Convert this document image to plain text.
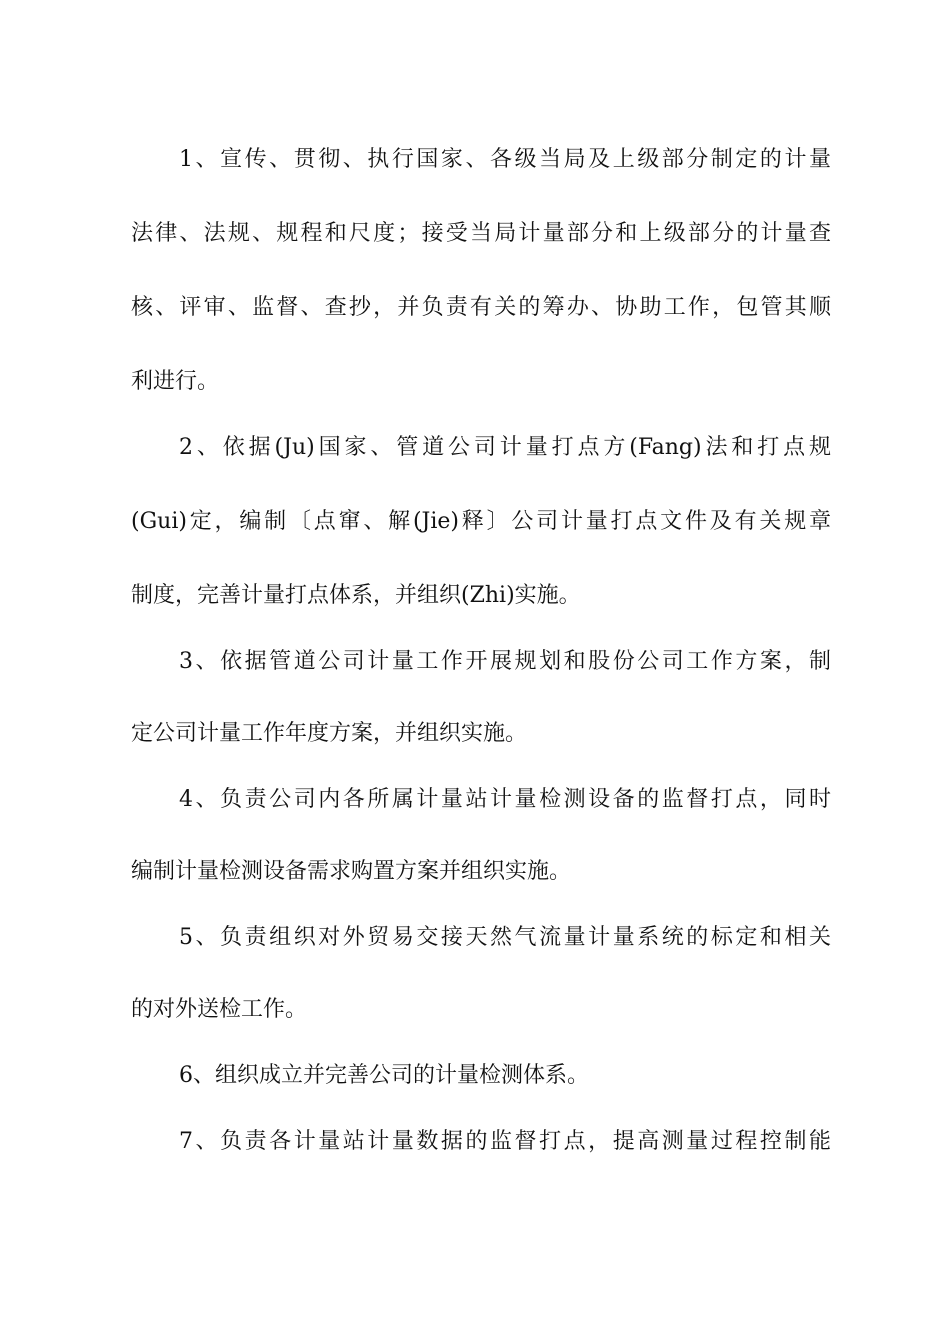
1、宣传、贯彻、执行国家、各级当局及上级部分制定的计量
法律、法规、规程和尺度；接受当局计量部分和上级部分的计量查
核、评审、监督、查抄，并负责有关的筹办、协助工作，包管其顺
利进行。
2、依据(Ju)国家、管道公司计量打点方(Fang)法和打点规
(Gui)定，编制〔点窜、解(Jie)释〕公司计量打点文件及有关规章
制度，完善计量打点体系，并组织(Zhi)实施。
3、依据管道公司计量工作开展规划和股份公司工作方案，制
定公司计量工作年度方案，并组织实施。
4、负责公司内各所属计量站计量检测设备的监督打点，同时
编制计量检测设备需求购置方案并组织实施。
5、负责组织对外贸易交接天然气流量计量系统的标定和相关
的对外送检工作。
6、组织成立并完善公司的计量检测体系。
7、负责各计量站计量数据的监督打点，提高测量过程控制能
